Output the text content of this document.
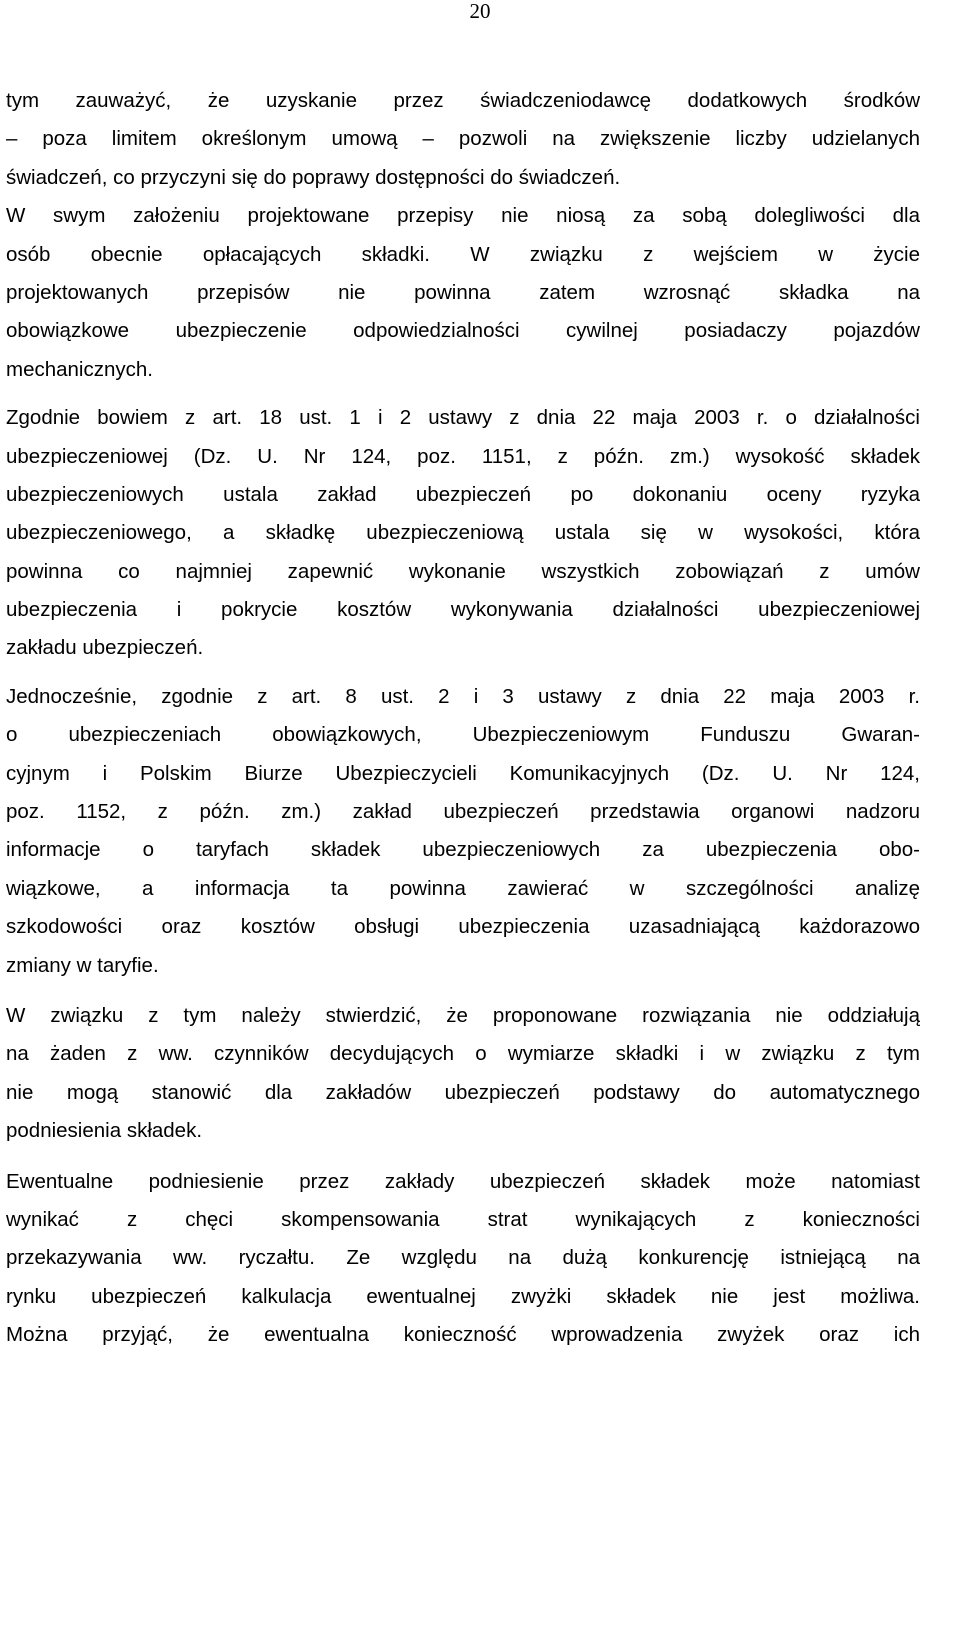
20
tym zauważyć, że uzyskanie przez świadczeniodawcę dodatkowych środków
– poza limitem określonym umową – pozwoli na zwiększenie liczby udzielanych
świadczeń, co przyczyni się do poprawy dostępności do świadczeń.
W swym założeniu projektowane przepisy nie niosą za sobą dolegliwości dla
osób obecnie opłacających składki. W związku z wejściem w życie
projektowanych przepisów nie powinna zatem wzrosnąć składka na
obowiązkowe ubezpieczenie odpowiedzialności cywilnej posiadaczy pojazdów
mechanicznych.
Zgodnie bowiem z art. 18 ust. 1 i 2 ustawy z dnia 22 maja 2003 r. o działalności
ubezpieczeniowej (Dz. U. Nr 124, poz. 1151, z późn. zm.) wysokość składek
ubezpieczeniowych ustala zakład ubezpieczeń po dokonaniu oceny ryzyka
ubezpieczeniowego, a składkę ubezpieczeniową ustala się w wysokości, która
powinna co najmniej zapewnić wykonanie wszystkich zobowiązań z umów
ubezpieczenia i pokrycie kosztów wykonywania działalności ubezpieczeniowej
zakładu ubezpieczeń.
Jednocześnie, zgodnie z art. 8 ust. 2 i 3 ustawy z dnia 22 maja 2003 r.
o ubezpieczeniach obowiązkowych, Ubezpieczeniowym Funduszu Gwaran-
cyjnym i Polskim Biurze Ubezpieczycieli Komunikacyjnych (Dz. U. Nr 124,
poz. 1152, z późn. zm.) zakład ubezpieczeń przedstawia organowi nadzoru
informacje o taryfach składek ubezpieczeniowych za ubezpieczenia obo-
wiązkowe, a informacja ta powinna zawierać w szczególności analizę
szkodowości oraz kosztów obsługi ubezpieczenia uzasadniającą każdorazowo
zmiany w taryfie.
W związku z tym należy stwierdzić, że proponowane rozwiązania nie oddziałują
na żaden z ww. czynników decydujących o wymiarze składki i w związku z tym
nie mogą stanowić dla zakładów ubezpieczeń podstawy do automatycznego
podniesienia składek.
Ewentualne podniesienie przez zakłady ubezpieczeń składek może natomiast
wynikać z chęci skompensowania strat wynikających z konieczności
przekazywania ww. ryczałtu. Ze względu na dużą konkurencję istniejącą na
rynku ubezpieczeń kalkulacja ewentualnej zwyżki składek nie jest możliwa.
Można przyjąć, że ewentualna konieczność wprowadzenia zwyżek oraz ich
